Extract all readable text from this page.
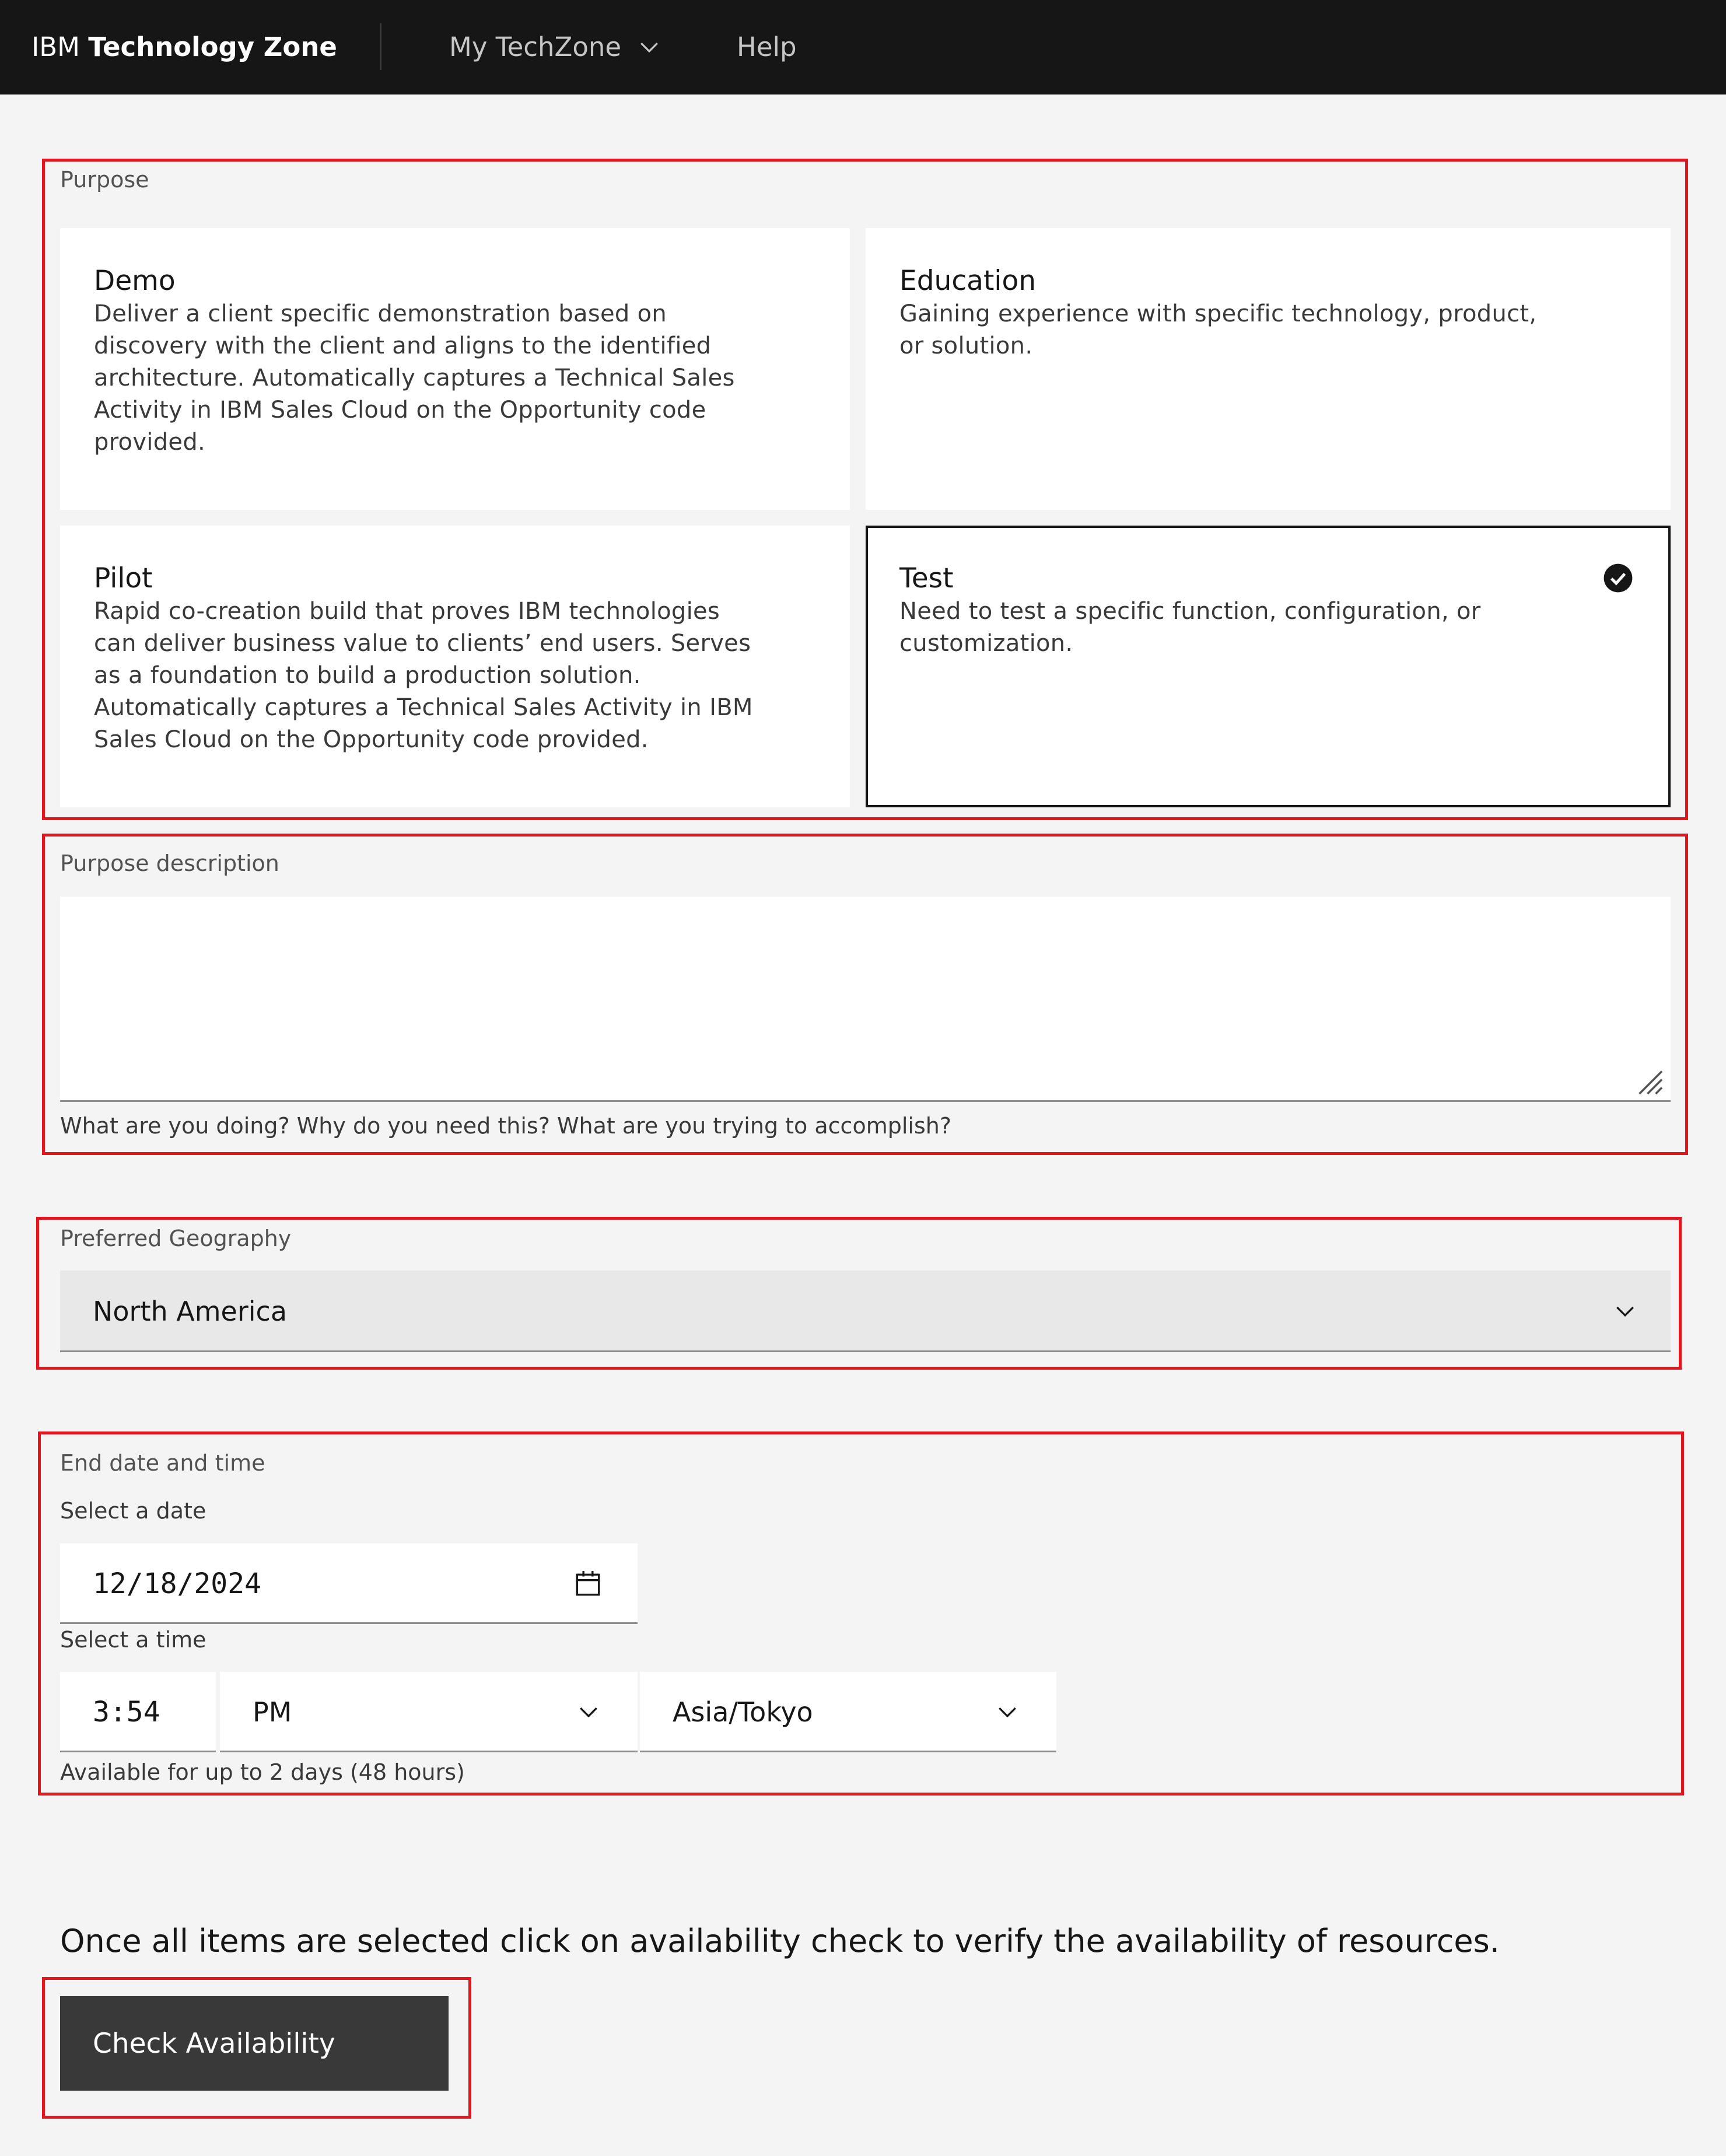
IBM Technology Zone	My TechZone	Help
Purpose
Demo
Deliver a client specific demonstration based on discovery with the client and aligns to the identified architecture. Automatically captures a Technical Sales Activity in IBM Sales Cloud on the Opportunity code provided.
Education
Gaining experience with specific technology, product, or solution.
Pilot
Rapid co-creation build that proves IBM technologies can deliver business value to clients’ end users. Serves as a foundation to build a production solution. Automatically captures a Technical Sales Activity in IBM Sales Cloud on the Opportunity code provided.
Test
Need to test a specific function, configuration, or customization.
Purpose description
What are you doing? Why do you need this? What are you trying to accomplish?
Preferred Geography
North America
End date and time
Select a date
12/18/2024
Select a time
3:54	PM	Asia/Tokyo
Available for up to 2 days (48 hours)
Once all items are selected click on availability check to verify the availability of resources.
Check Availability
